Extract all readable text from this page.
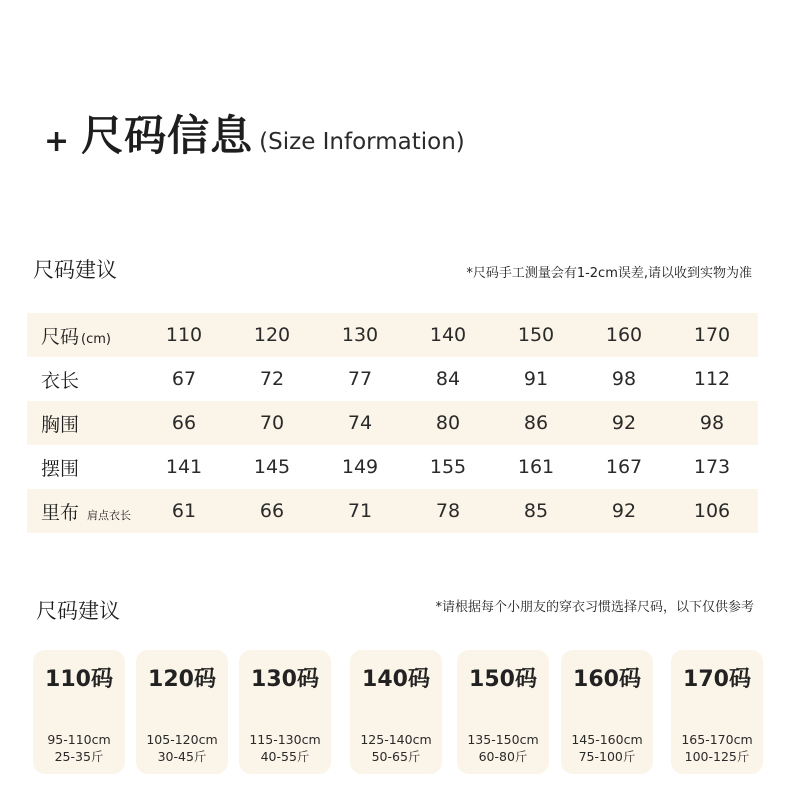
+ 尺码信息 (Size Information)
尺码建议	*尺码手工测量会有1-2cm误差,请以收到实物为准
尺码 (cm)	110	120	130	140	150	160	170
衣长	67	72	77	84	91	98	112
胸围	66	70	74	80	86	92	98
摆围	141	145	149	155	161	167	173
里布 肩点衣长	61	66	71	78	85	92	106
尺码建议	*请根据每个小朋友的穿衣习惯选择尺码，以下仅供参考
110码
95-110cm
25-35斤
120码
105-120cm
30-45斤
130码
115-130cm
40-55斤
140码
125-140cm
50-65斤
150码
135-150cm
60-80斤
160码
145-160cm
75-100斤
170码
165-170cm
100-125斤
